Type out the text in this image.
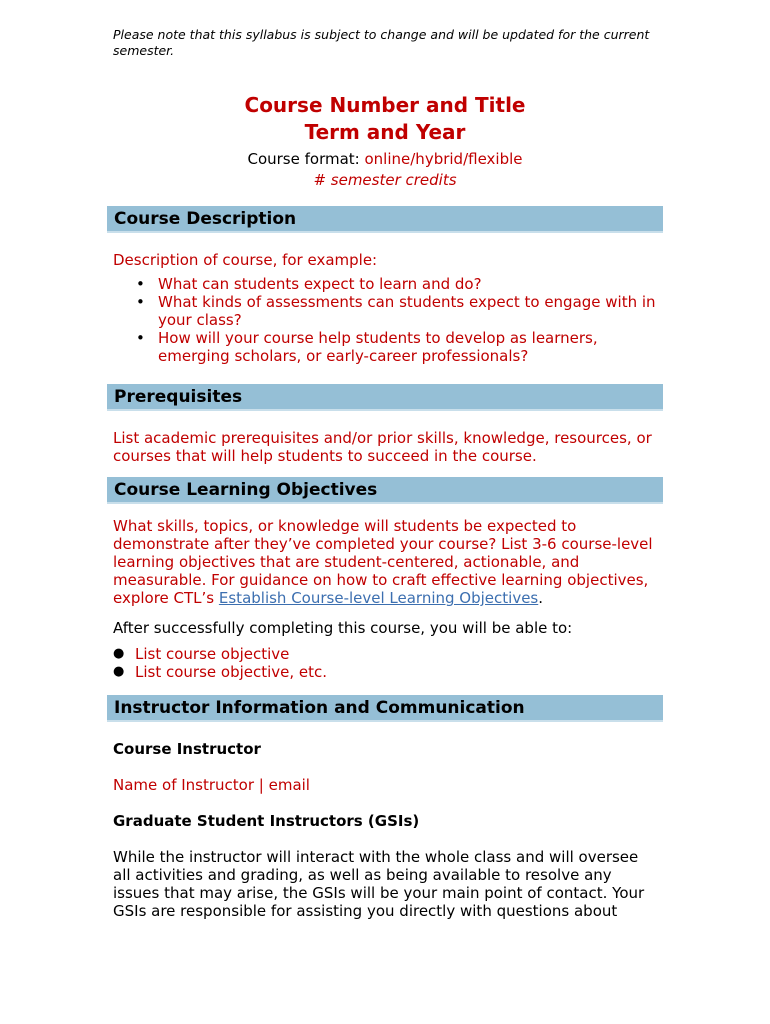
Please note that this syllabus is subject to change and will be updated for the current semester.
Course Number and Title
Term and Year
Course format: online/hybrid/flexible
# semester credits
Course Description

Description of course, for example:

• What can students expect to learn and do?
• What kinds of assessments can students expect to engage with in your class?
• How will your course help students to develop as learners, emerging scholars, or early-career professionals?
Prerequisites
List academic prerequisites and/or prior skills, knowledge, resources, or courses that will help students to succeed in the course.
Course Learning Objectives

What skills, topics, or knowledge will students be expected to demonstrate after they’ve completed your course? List 3-6 course-level learning objectives that are student-centered, actionable, and measurable. For guidance on how to craft effective learning objectives, explore CTL’s Establish Course-level Learning Objectives.

After successfully completing this course, you will be able to:

● List course objective
● List course objective, etc.
Instructor Information and Communication
Course Instructor
Name of Instructor | email
Graduate Student Instructors (GSIs)
While the instructor will interact with the whole class and will oversee all activities and grading, as well as being available to resolve any issues that may arise, the GSIs will be your main point of contact. Your GSIs are responsible for assisting you directly with questions about
